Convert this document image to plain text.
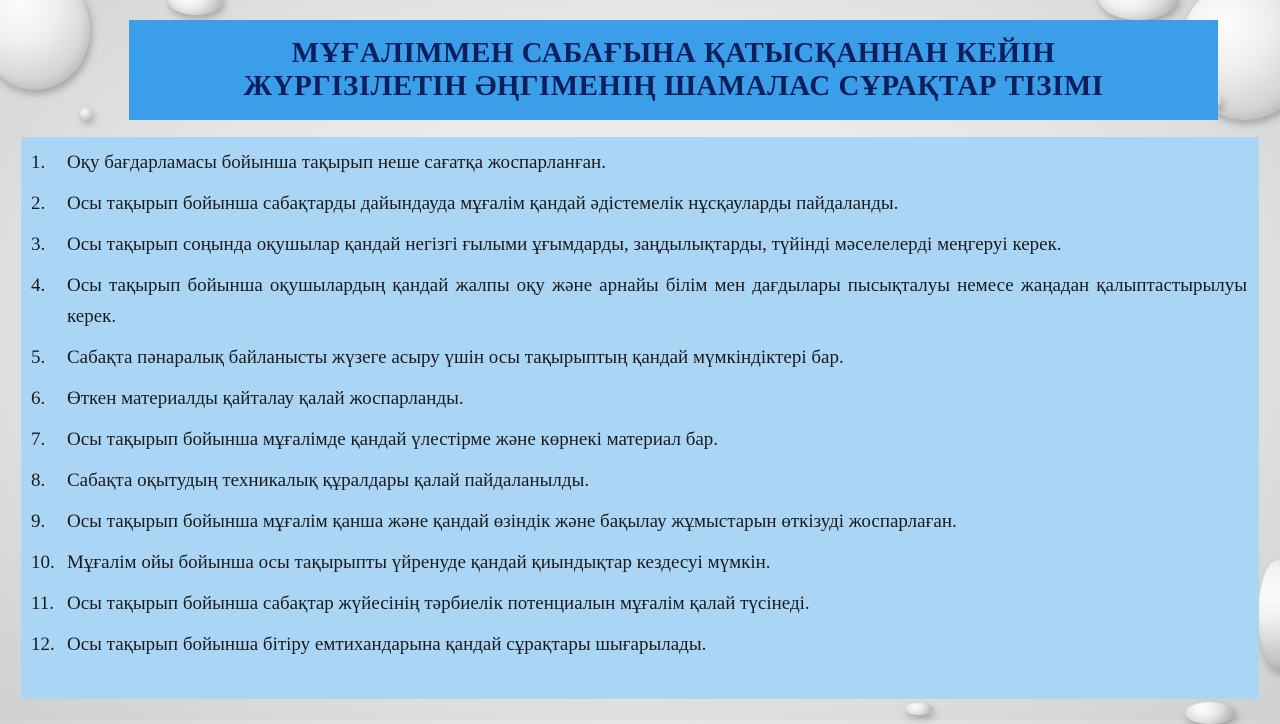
МҰҒАЛІММЕН САБАҒЫНА ҚАТЫСҚАННАН КЕЙІН
ЖҮРГІЗІЛЕТІН ӘҢГІМЕНІҢ ШАМАЛАС СҰРАҚТАР ТІЗІМІ
1.	Оқу бағдарламасы бойынша тақырып неше сағатқа жоспарланған.
2.	Осы тақырып бойынша сабақтарды дайындауда мұғалім қандай әдістемелік нұсқауларды пайдаланды.
3.	Осы тақырып соңында оқушылар қандай негізгі ғылыми ұғымдарды, заңдылықтарды, түйінді мәселелерді меңгеруі керек.
4.	Осы тақырып бойынша оқушылардың қандай жалпы оқу және арнайы білім мен дағдылары пысықталуы немесе жаңадан қалыптастырылуы керек.
5.	Сабақта пәнаралық байланысты жүзеге асыру үшін осы тақырыптың қандай мүмкіндіктері бар.
6.	Өткен материалды қайталау қалай жоспарланды.
7.	Осы тақырып бойынша мұғалімде қандай үлестірме және көрнекі материал бар.
8.	Сабақта оқытудың техникалық құралдары қалай пайдаланылды.
9.	Осы тақырып бойынша мұғалім қанша және қандай өзіндік және бақылау жұмыстарын өткізуді жоспарлаған.
10. Мұғалім ойы бойынша осы тақырыпты үйренуде қандай қиындықтар кездесуі мүмкін.
11. Осы тақырып бойынша сабақтар жүйесінің тәрбиелік потенциалын мұғалім қалай түсінеді.
12. Осы тақырып бойынша бітіру емтихандарына қандай сұрақтары шығарылады.
